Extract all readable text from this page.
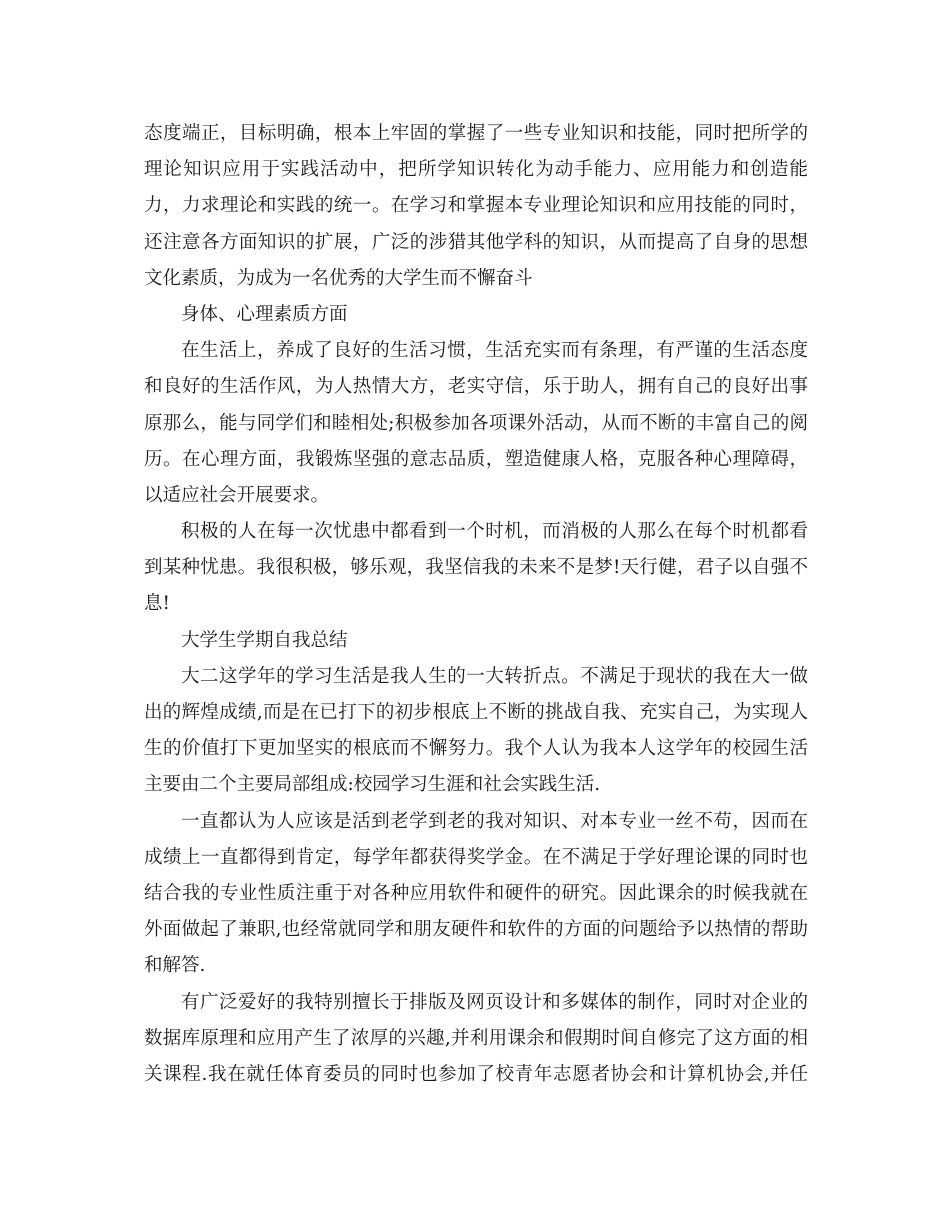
态度端正，目标明确，根本上牢固的掌握了一些专业知识和技能，同时把所学的
理论知识应用于实践活动中，把所学知识转化为动手能力、应用能力和创造能
力，力求理论和实践的统一。在学习和掌握本专业理论知识和应用技能的同时，
还注意各方面知识的扩展，广泛的涉猎其他学科的知识，从而提高了自身的思想
文化素质，为成为一名优秀的大学生而不懈奋斗
身体、心理素质方面
在生活上，养成了良好的生活习惯，生活充实而有条理，有严谨的生活态度
和良好的生活作风，为人热情大方，老实守信，乐于助人，拥有自己的良好出事
原那么，能与同学们和睦相处;积极参加各项课外活动，从而不断的丰富自己的阅
历。在心理方面，我锻炼坚强的意志品质，塑造健康人格，克服各种心理障碍，
以适应社会开展要求。
积极的人在每一次忧患中都看到一个时机，而消极的人那么在每个时机都看
到某种忧患。我很积极，够乐观，我坚信我的未来不是梦!天行健，君子以自强不
息!
大学生学期自我总结
大二这学年的学习生活是我人生的一大转折点。不满足于现状的我在大一做
出的辉煌成绩,而是在已打下的初步根底上不断的挑战自我、充实自己，为实现人
生的价值打下更加坚实的根底而不懈努力。我个人认为我本人这学年的校园生活
主要由二个主要局部组成:校园学习生涯和社会实践生活.
一直都认为人应该是活到老学到老的我对知识、对本专业一丝不苟，因而在
成绩上一直都得到肯定，每学年都获得奖学金。在不满足于学好理论课的同时也
结合我的专业性质注重于对各种应用软件和硬件的研究。因此课余的时候我就在
外面做起了兼职,也经常就同学和朋友硬件和软件的方面的问题给予以热情的帮助
和解答.
有广泛爱好的我特别擅长于排版及网页设计和多媒体的制作，同时对企业的
数据库原理和应用产生了浓厚的兴趣,并利用课余和假期时间自修完了这方面的相
关课程.我在就任体育委员的同时也参加了校青年志愿者协会和计算机协会,并任
